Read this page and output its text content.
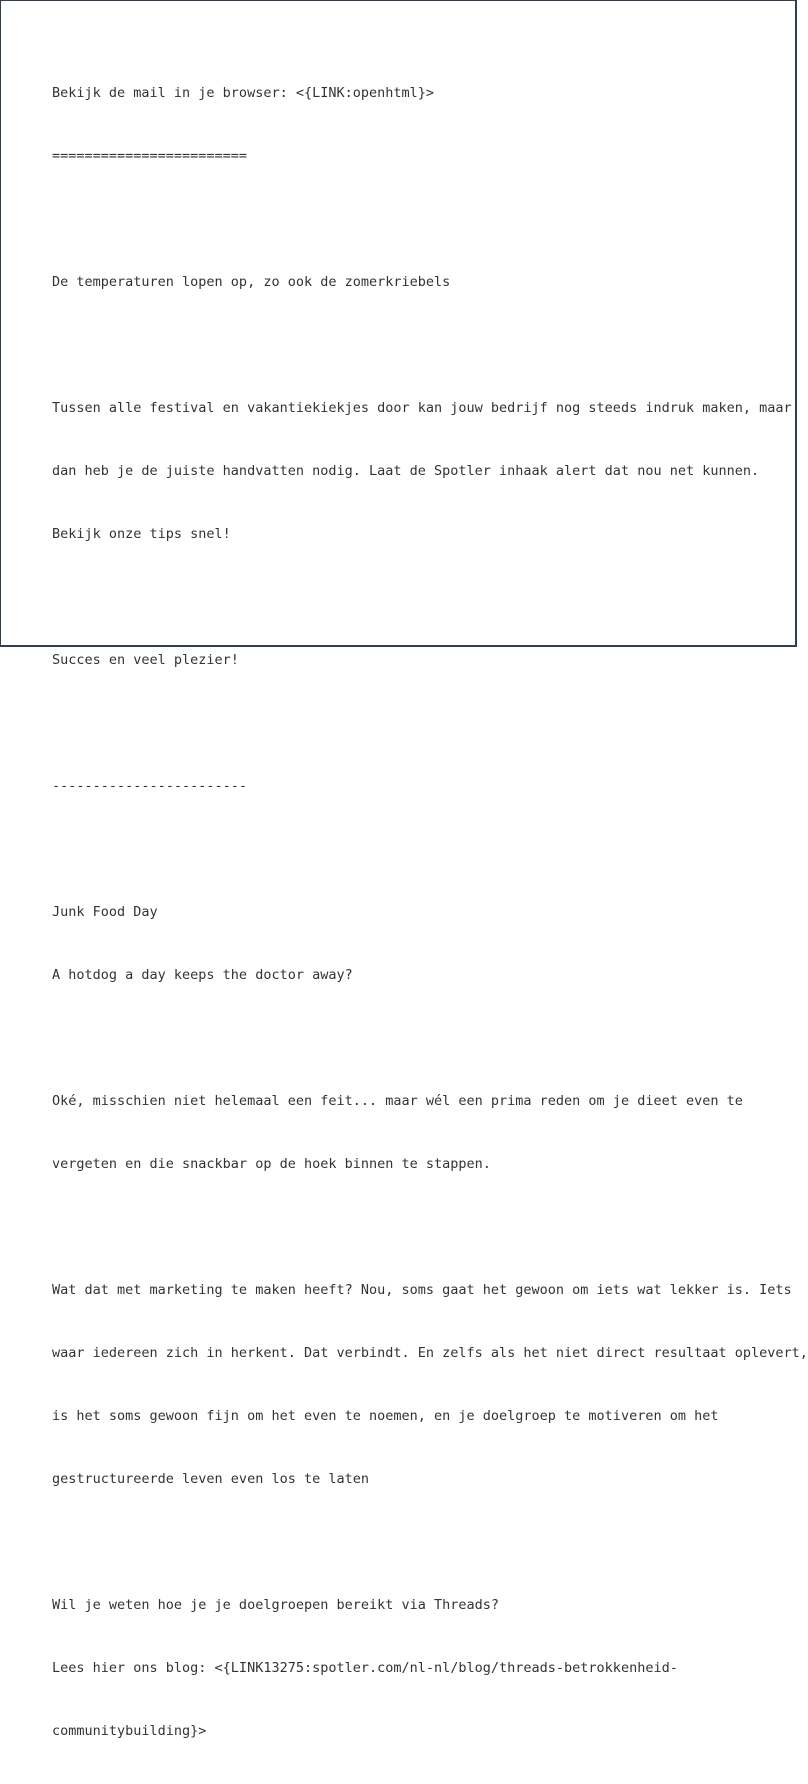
Bekijk de mail in je browser: <{LINK:openhtml}>

========================

De temperaturen lopen op, zo ook de zomerkriebels

Tussen alle festival en vakantiekiekjes door kan jouw bedrijf nog steeds indruk maken, maar

dan heb je de juiste handvatten nodig. Laat de Spotler inhaak alert dat nou net kunnen.

Bekijk onze tips snel!

Succes en veel plezier!

------------------------

Junk Food Day

A hotdog a day keeps the doctor away?

Oké, misschien niet helemaal een feit... maar wél een prima reden om je dieet even te

vergeten en die snackbar op de hoek binnen te stappen.

Wat dat met marketing te maken heeft? Nou, soms gaat het gewoon om iets wat lekker is. Iets

waar iedereen zich in herkent. Dat verbindt. En zelfs als het niet direct resultaat oplevert,

is het soms gewoon fijn om het even te noemen, en je doelgroep te motiveren om het

gestructureerde leven even los te laten

Wil je weten hoe je je doelgroepen bereikt via Threads?

Lees hier ons blog: <{LINK13275:spotler.com/nl-nl/blog/threads-betrokkenheid-

communitybuilding}>
